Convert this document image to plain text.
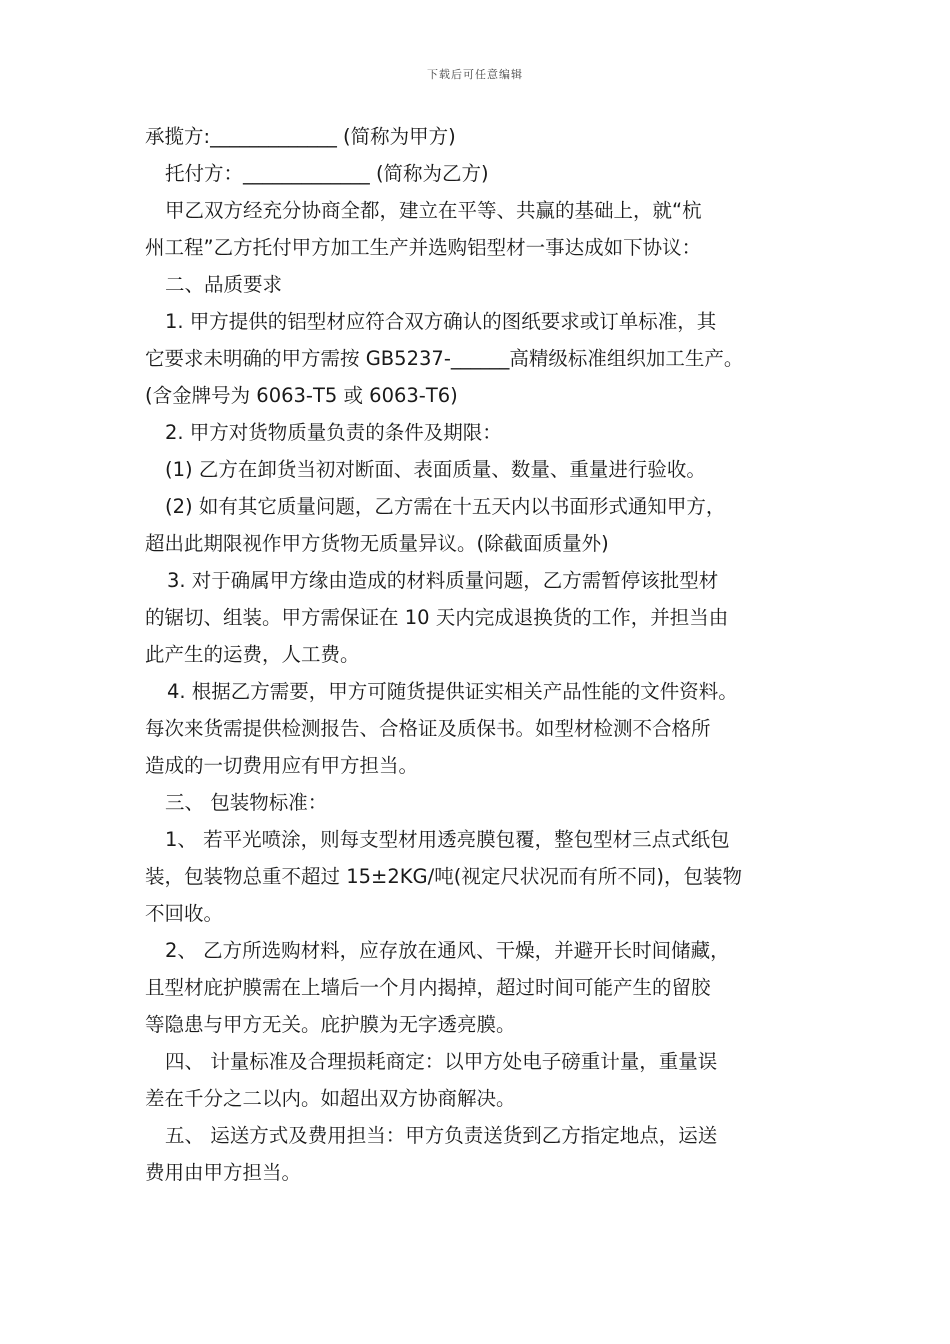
下载后可任意编辑
承揽方:_____________ (简称为甲方)
托付方：_____________ (简称为乙方)
甲乙双方经充分协商全都，建立在平等、共赢的基础上，就“杭
州工程”乙方托付甲方加工生产并选购铝型材一事达成如下协议：
二、品质要求
1. 甲方提供的铝型材应符合双方确认的图纸要求或订单标准，其
它要求未明确的甲方需按 GB5237-______高精级标准组织加工生产。
(含金牌号为 6063-T5 或 6063-T6)
2. 甲方对货物质量负责的条件及期限：
(1) 乙方在卸货当初对断面、表面质量、数量、重量进行验收。
(2) 如有其它质量问题，乙方需在十五天内以书面形式通知甲方，
超出此期限视作甲方货物无质量异议。(除截面质量外)
3. 对于确属甲方缘由造成的材料质量问题，乙方需暂停该批型材
的锯切、组装。甲方需保证在 10 天内完成退换货的工作，并担当由
此产生的运费，人工费。
4. 根据乙方需要，甲方可随货提供证实相关产品性能的文件资料。
每次来货需提供检测报告、合格证及质保书。如型材检测不合格所
造成的一切费用应有甲方担当。
三、 包装物标准：
1、 若平光喷涂，则每支型材用透亮膜包覆，整包型材三点式纸包
装，包装物总重不超过 15±2KG/吨(视定尺状况而有所不同)，包装物
不回收。
2、 乙方所选购材料，应存放在通风、干燥，并避开长时间储藏，
且型材庇护膜需在上墙后一个月内揭掉，超过时间可能产生的留胶
等隐患与甲方无关。庇护膜为无字透亮膜。
四、 计量标准及合理损耗商定：以甲方处电子磅重计量，重量误
差在千分之二以内。如超出双方协商解决。
五、 运送方式及费用担当：甲方负责送货到乙方指定地点，运送
费用由甲方担当。
